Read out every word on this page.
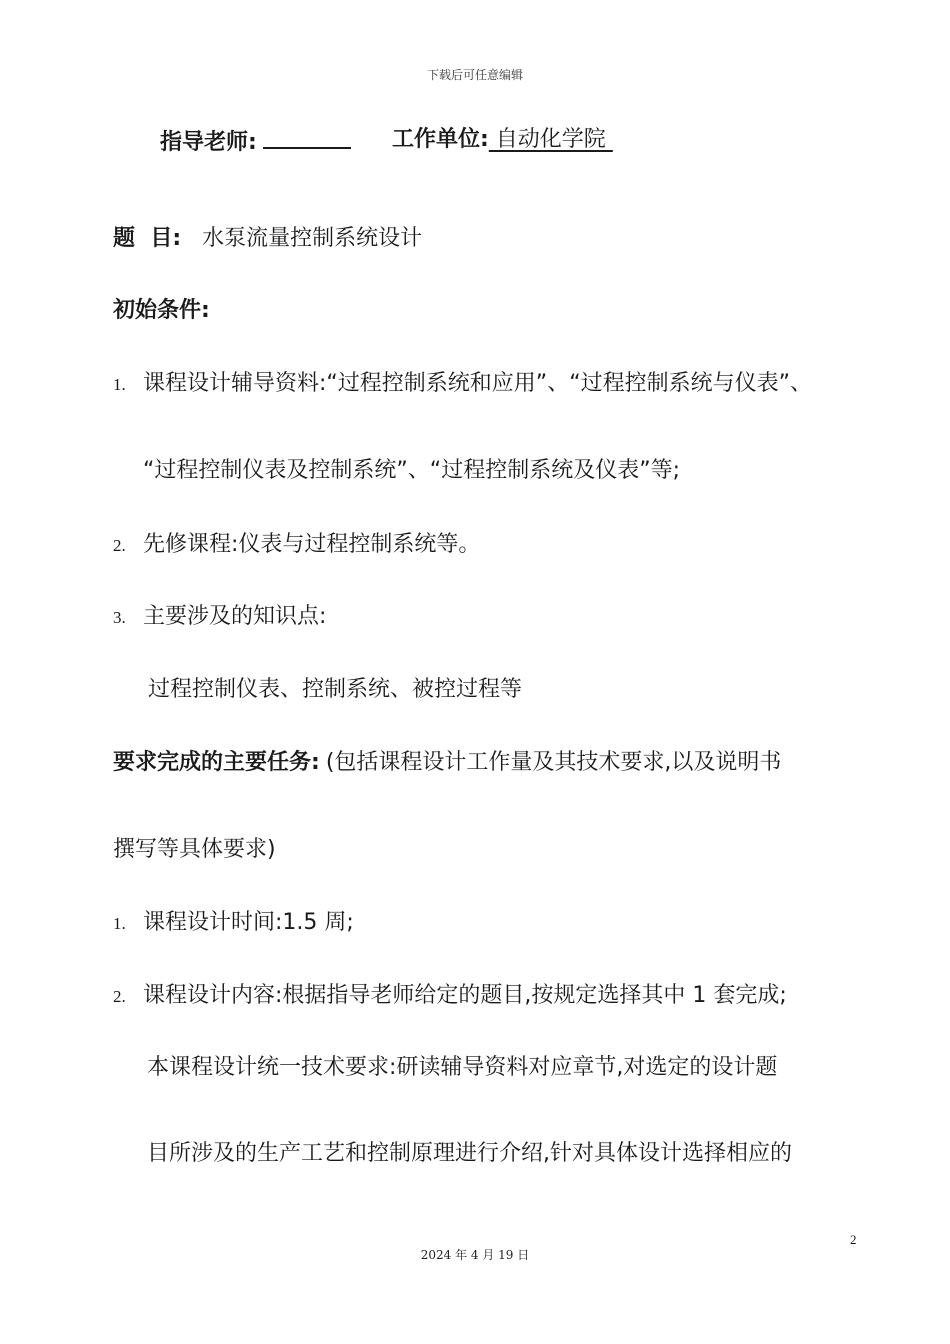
下载后可任意编辑
指导老师:	工作单位: 自动化学院
题  目: 水泵流量控制系统设计
初始条件:
1. 课程设计辅导资料:“过程控制系统和应用”、“过程控制系统与仪表”、
“过程控制仪表及控制系统”、“过程控制系统及仪表”等;
2. 先修课程:仪表与过程控制系统等。
3. 主要涉及的知识点:
过程控制仪表、控制系统、被控过程等
要求完成的主要任务: (包括课程设计工作量及其技术要求,以及说明书
撰写等具体要求)
1. 课程设计时间:1.5 周;
2. 课程设计内容:根据指导老师给定的题目,按规定选择其中 1 套完成;
本课程设计统一技术要求:研读辅导资料对应章节,对选定的设计题
目所涉及的生产工艺和控制原理进行介绍,针对具体设计选择相应的
2
2024 年 4 月 19 日
